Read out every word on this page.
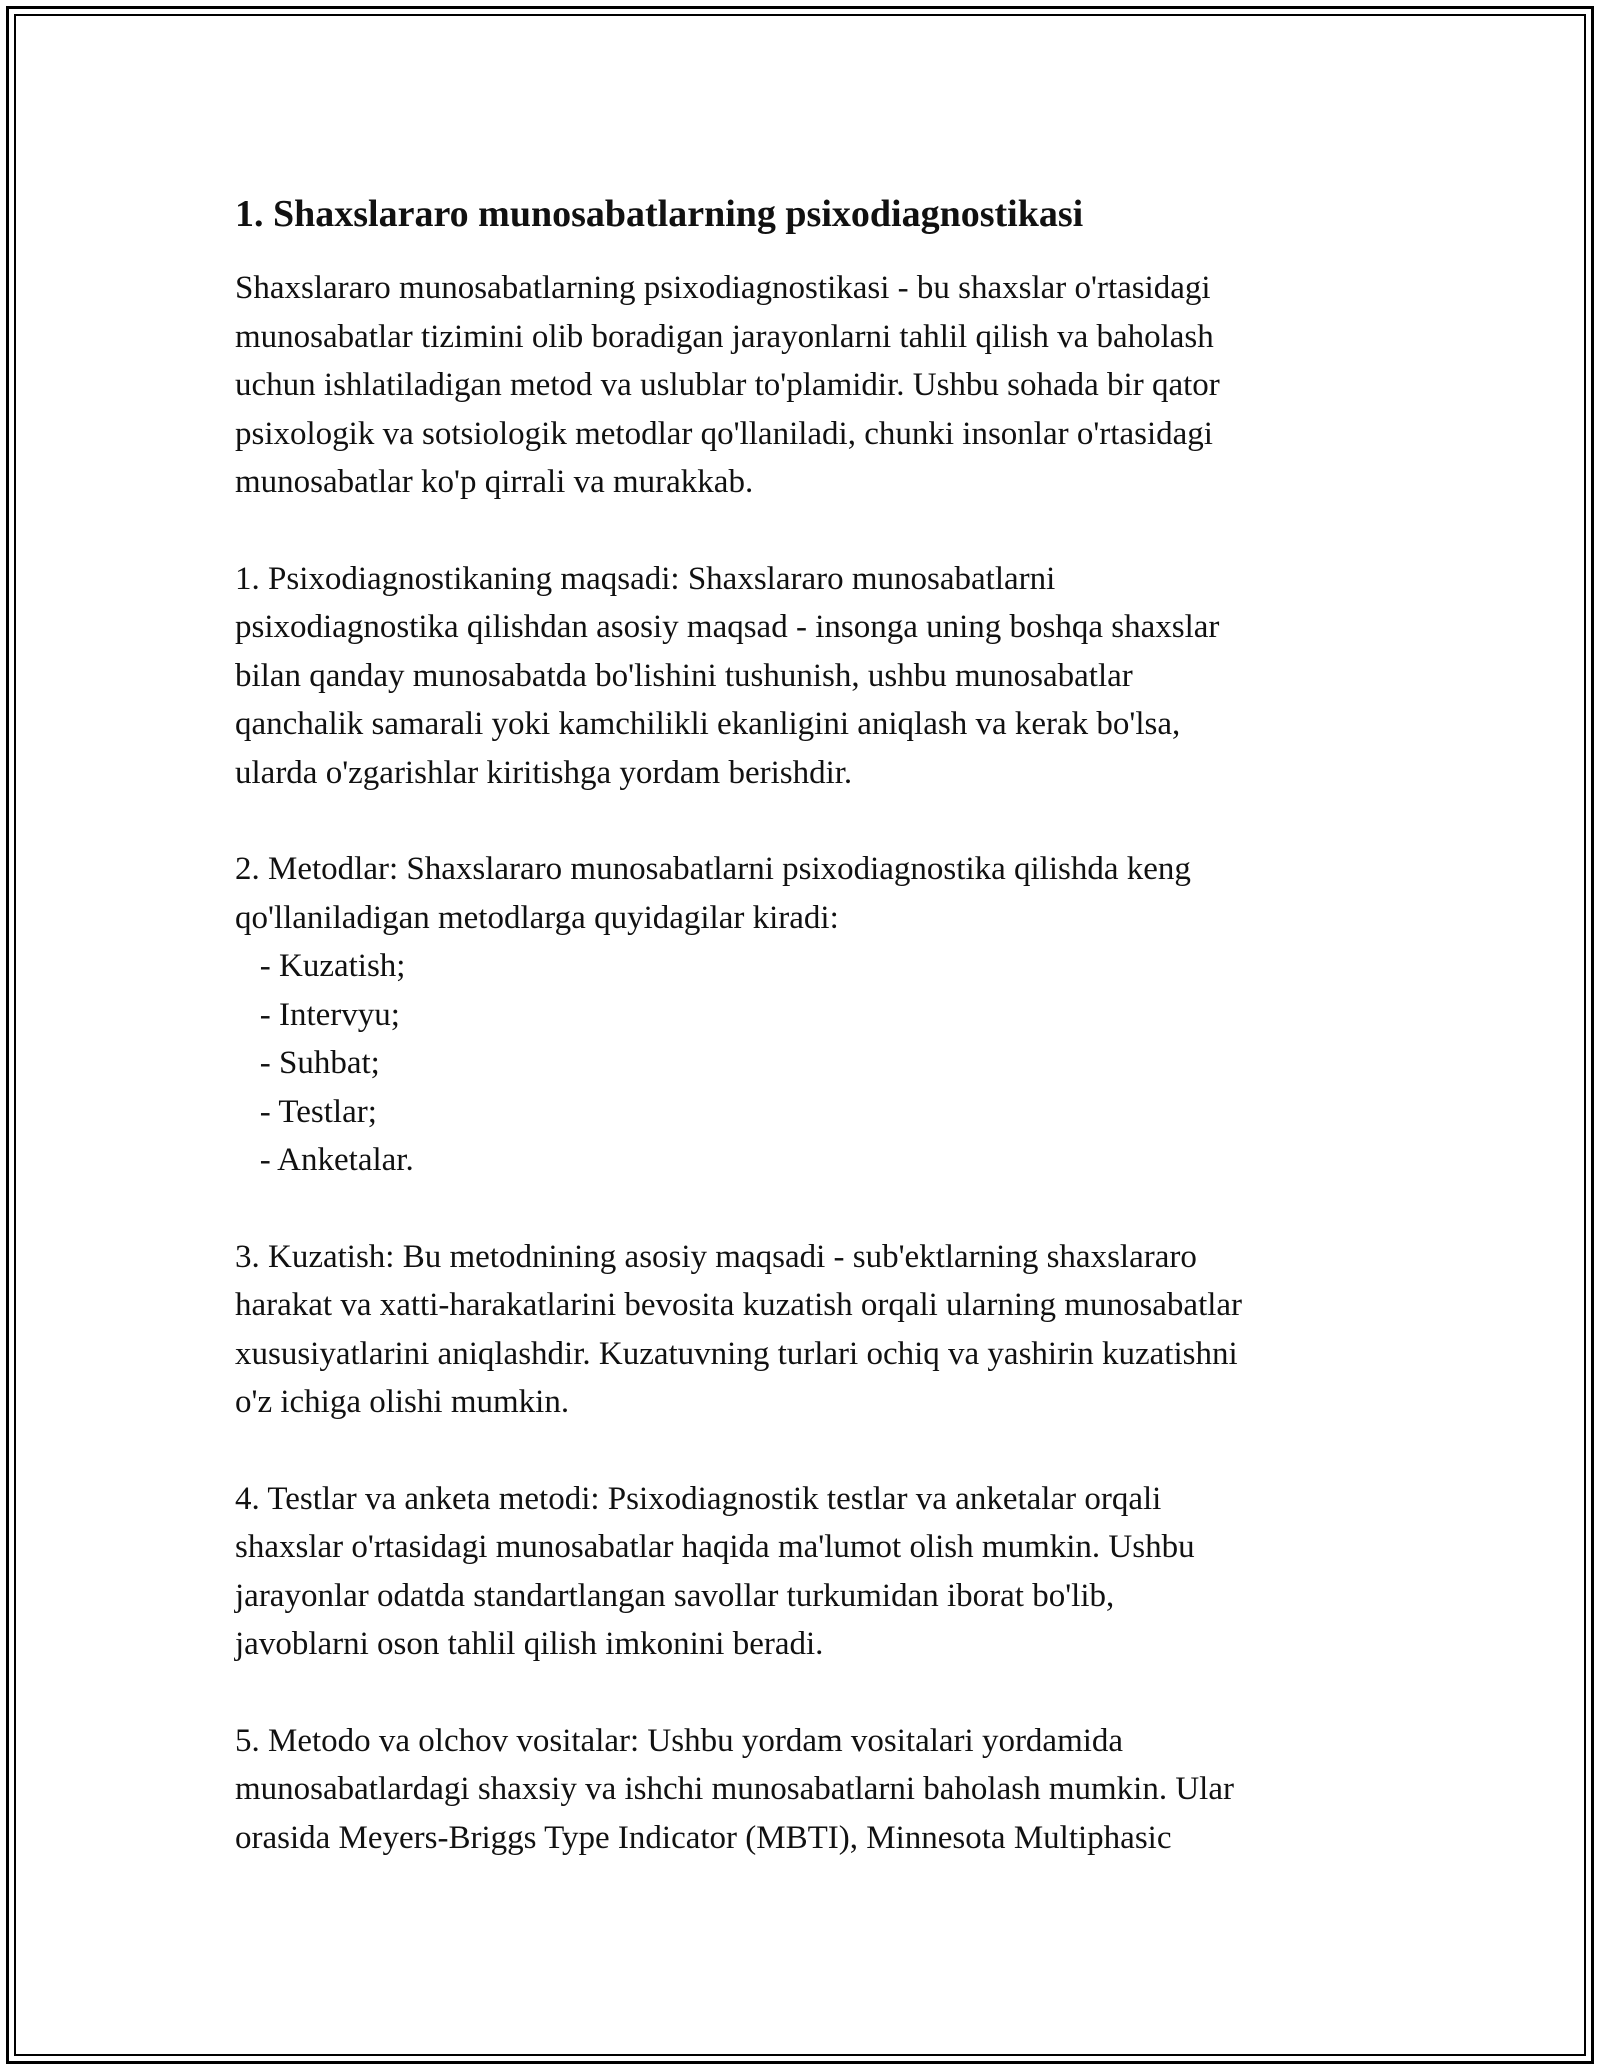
1. Shaxslararo munosabatlarning psixodiagnostikasi

Shaxslararo munosabatlarning psixodiagnostikasi - bu shaxslar o'rtasidagi
munosabatlar tizimini olib boradigan jarayonlarni tahlil qilish va baholash
uchun ishlatiladigan metod va uslublar to'plamidir. Ushbu sohada bir qator
psixologik va sotsiologik metodlar qo'llaniladi, chunki insonlar o'rtasidagi
munosabatlar ko'p qirrali va murakkab.

1. Psixodiagnostikaning maqsadi: Shaxslararo munosabatlarni
psixodiagnostika qilishdan asosiy maqsad - insonga uning boshqa shaxslar
bilan qanday munosabatda bo'lishini tushunish, ushbu munosabatlar
qanchalik samarali yoki kamchilikli ekanligini aniqlash va kerak bo'lsa,
ularda o'zgarishlar kiritishga yordam berishdir.

2. Metodlar: Shaxslararo munosabatlarni psixodiagnostika qilishda keng
qo'llaniladigan metodlarga quyidagilar kiradi:
- Kuzatish;
- Intervyu;
- Suhbat;
- Testlar;
- Anketalar.

3. Kuzatish: Bu metodnining asosiy maqsadi - sub'ektlarning shaxslararo
harakat va xatti-harakatlarini bevosita kuzatish orqali ularning munosabatlar
xususiyatlarini aniqlashdir. Kuzatuvning turlari ochiq va yashirin kuzatishni
o'z ichiga olishi mumkin.

4. Testlar va anketa metodi: Psixodiagnostik testlar va anketalar orqali
shaxslar o'rtasidagi munosabatlar haqida ma'lumot olish mumkin. Ushbu
jarayonlar odatda standartlangan savollar turkumidan iborat bo'lib,
javoblarni oson tahlil qilish imkonini beradi.

5. Metodo va olchov vositalar: Ushbu yordam vositalari yordamida
munosabatlardagi shaxsiy va ishchi munosabatlarni baholash mumkin. Ular
orasida Meyers-Briggs Type Indicator (MBTI), Minnesota Multiphasic
